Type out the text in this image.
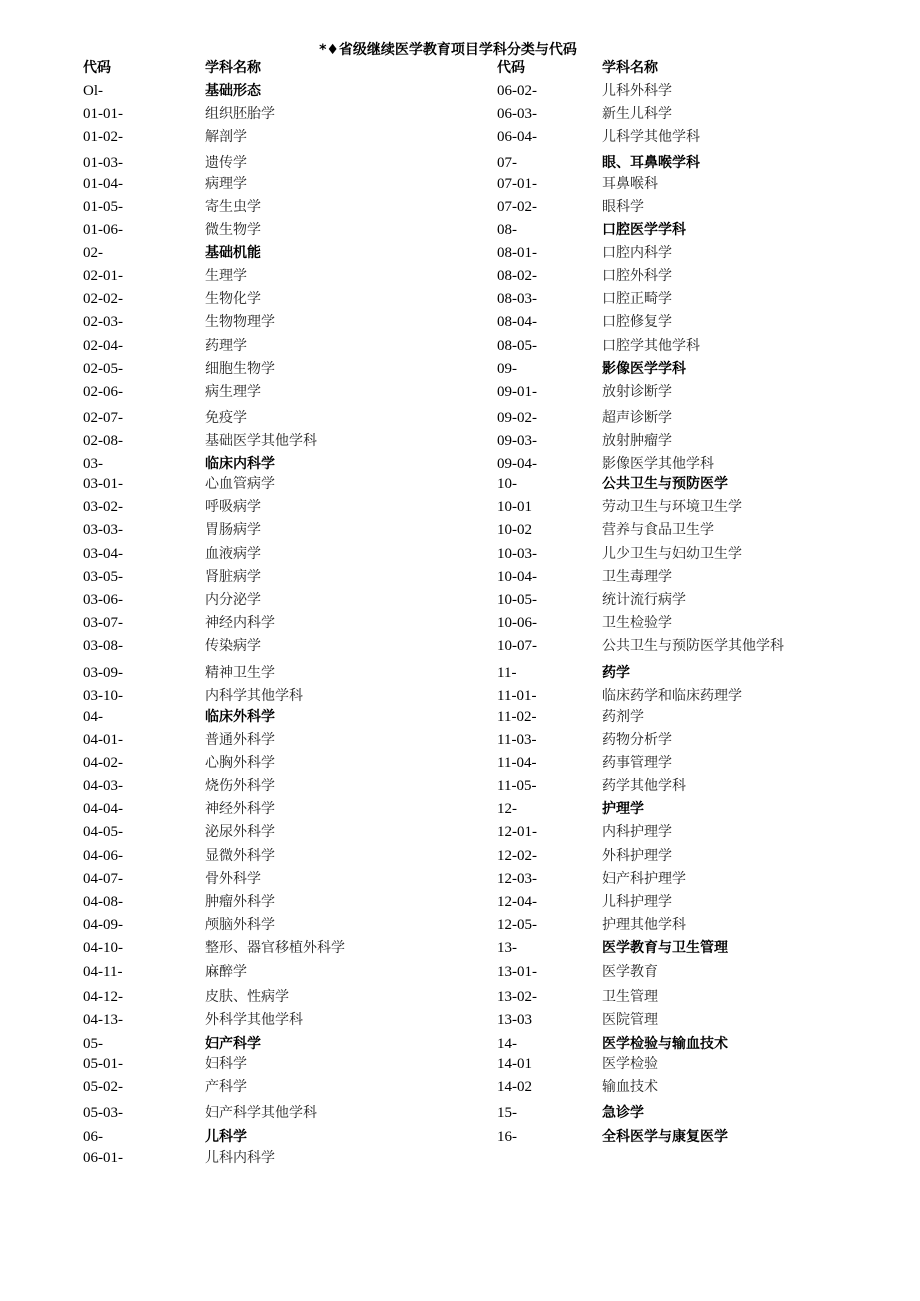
*♦省级继续医学教育项目学科分类与代码
代码	学科名称
Ol-	基础形态
01-01-	组织胚胎学
01-02-	解剖学
01-03-	遗传学
01-04-	病理学
01-05-	寄生虫学
01-06-	微生物学
02-	基础机能
02-01-	生理学
02-02-	生物化学
02-03-	生物物理学
02-04-	药理学
02-05-	细胞生物学
02-06-	病生理学
02-07-	免疫学
02-08-	基础医学其他学科
03-	临床内科学
03-01-	心血管病学
03-02-	呼吸病学
03-03-	胃肠病学
03-04-	血液病学
03-05-	肾脏病学
03-06-	内分泌学
03-07-	神经内科学
03-08-	传染病学
03-09-	精神卫生学
03-10-	内科学其他学科
04-	临床外科学
04-01-	普通外科学
04-02-	心胸外科学
04-03-	烧伤外科学
04-04-	神经外科学
04-05-	泌尿外科学
04-06-	显微外科学
04-07-	骨外科学
04-08-	肿瘤外科学
04-09-	颅脑外科学
04-10-	整形、器官移植外科学
04-11-	麻醉学
04-12-	皮肤、性病学
04-13-	外科学其他学科
05-	妇产科学
05-01-	妇科学
05-02-	产科学
05-03-	妇产科学其他学科
06-	儿科学
06-01-	儿科内科学
代码	学科名称
06-02-	儿科外科学
06-03-	新生儿科学
06-04-	儿科学其他学科
07-	眼、耳鼻喉学科
07-01-	耳鼻喉科
07-02-	眼科学
08-	口腔医学学科
08-01-	口腔内科学
08-02-	口腔外科学
08-03-	口腔正畸学
08-04-	口腔修复学
08-05-	口腔学其他学科
09-	影像医学学科
09-01-	放射诊断学
09-02-	超声诊断学
09-03-	放射肿瘤学
09-04-	影像医学其他学科
10-	公共卫生与预防医学
10-01	劳动卫生与环境卫生学
10-02	营养与食品卫生学
10-03-	儿少卫生与妇幼卫生学
10-04-	卫生毒理学
10-05-	统计流行病学
10-06-	卫生检验学
10-07-	公共卫生与预防医学其他学科
11-	药学
11-01-	临床药学和临床药理学
11-02-	药剂学
11-03-	药物分析学
11-04-	药事管理学
11-05-	药学其他学科
12-	护理学
12-01-	内科护理学
12-02-	外科护理学
12-03-	妇产科护理学
12-04-	儿科护理学
12-05-	护理其他学科
13-	医学教育与卫生管理
13-01-	医学教育
13-02-	卫生管理
13-03	医院管理
14-	医学检验与输血技术
14-01	医学检验
14-02	输血技术
15-	急诊学
16-	全科医学与康复医学
